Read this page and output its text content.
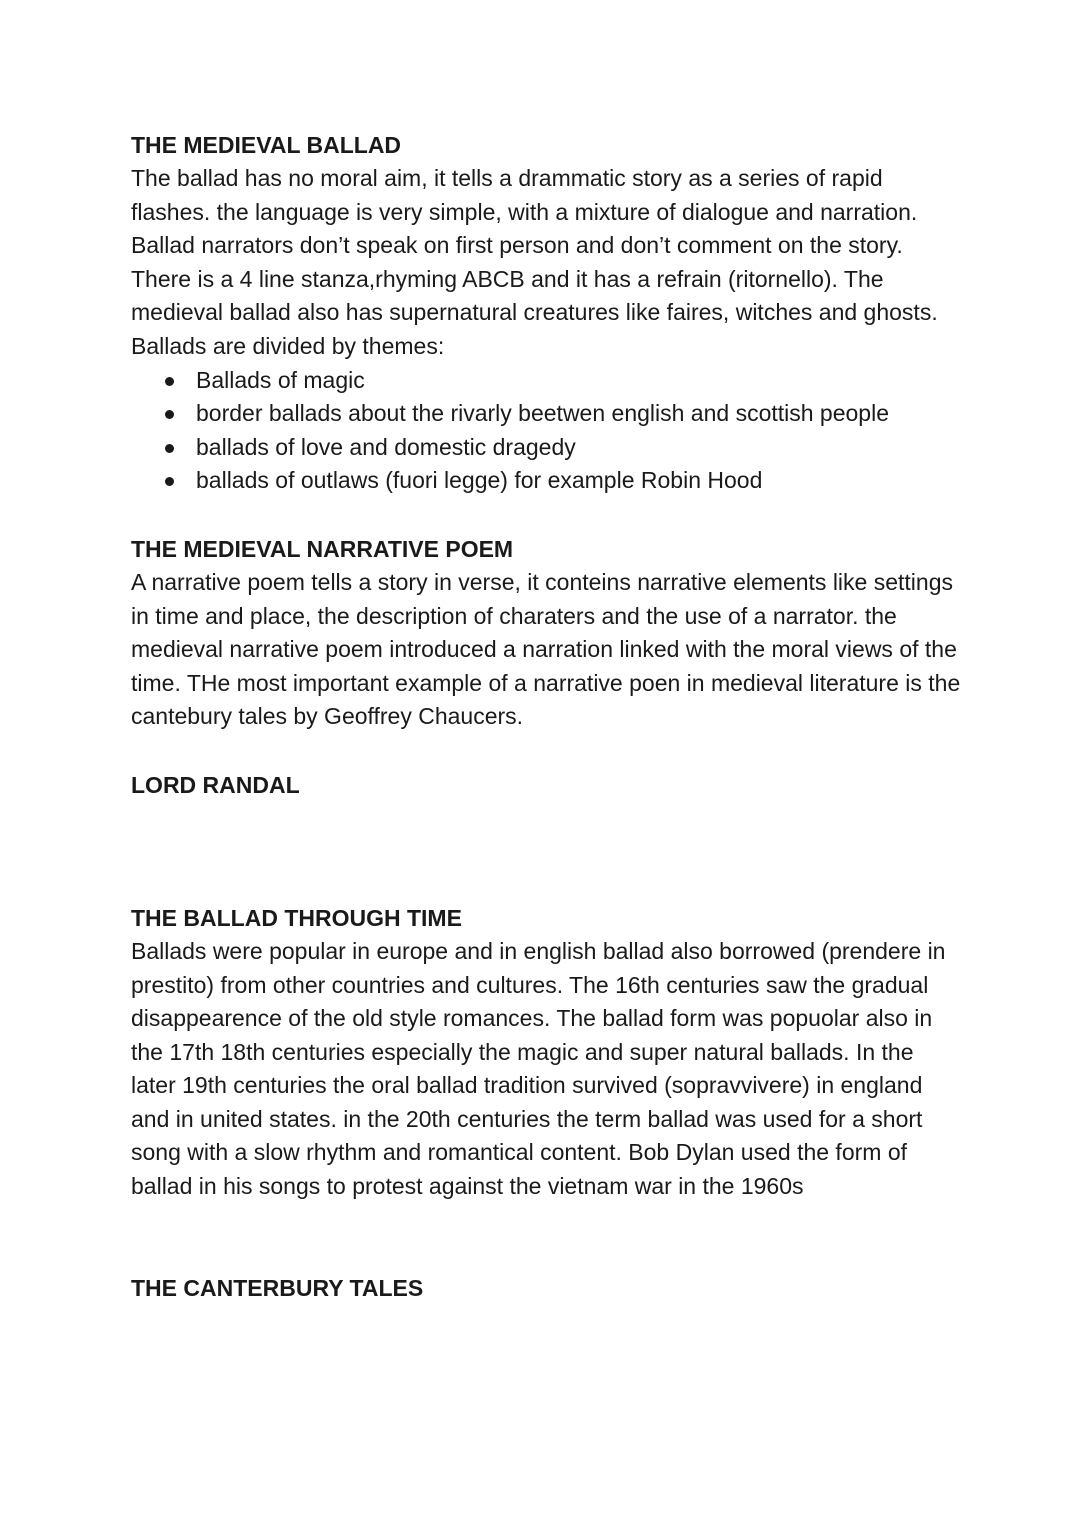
THE MEDIEVAL BALLAD

The ballad has no moral aim, it tells a drammatic story as a series of rapid flashes. the language is very simple, with a mixture of dialogue and narration. Ballad narrators don’t speak on first person and don’t comment on the story. There is a 4 line stanza,rhyming ABCB and it has a refrain (ritornello). The medieval ballad also has supernatural creatures like faires, witches and ghosts. Ballads are divided by themes:

Ballads of magic
border ballads about the rivarly beetwen english and scottish people
ballads of love and domestic dragedy
ballads of outlaws (fuori legge) for example Robin Hood
THE MEDIEVAL NARRATIVE POEM

A narrative poem tells a story in verse, it conteins narrative elements like settings in time and place, the description of charaters and the use of a narrator. the medieval narrative poem introduced a narration linked with the moral views of the time. THe most important example of a narrative poen in medieval literature is the cantebury tales by Geoffrey Chaucers.

LORD RANDAL
THE BALLAD THROUGH TIME

Ballads were popular in europe and in english ballad also borrowed (prendere in prestito) from other countries and cultures. The 16th centuries saw the gradual disappearence of the old style romances. The ballad form was popuolar also in the 17th 18th centuries especially the magic and super natural ballads. In the later 19th centuries the oral ballad tradition survived (sopravvivere) in england and in united states. in the 20th centuries the term ballad was used for a short song with a slow rhythm and romantical content. Bob Dylan used the form of ballad in his songs to protest against the vietnam war in the 1960s

THE CANTERBURY TALES
